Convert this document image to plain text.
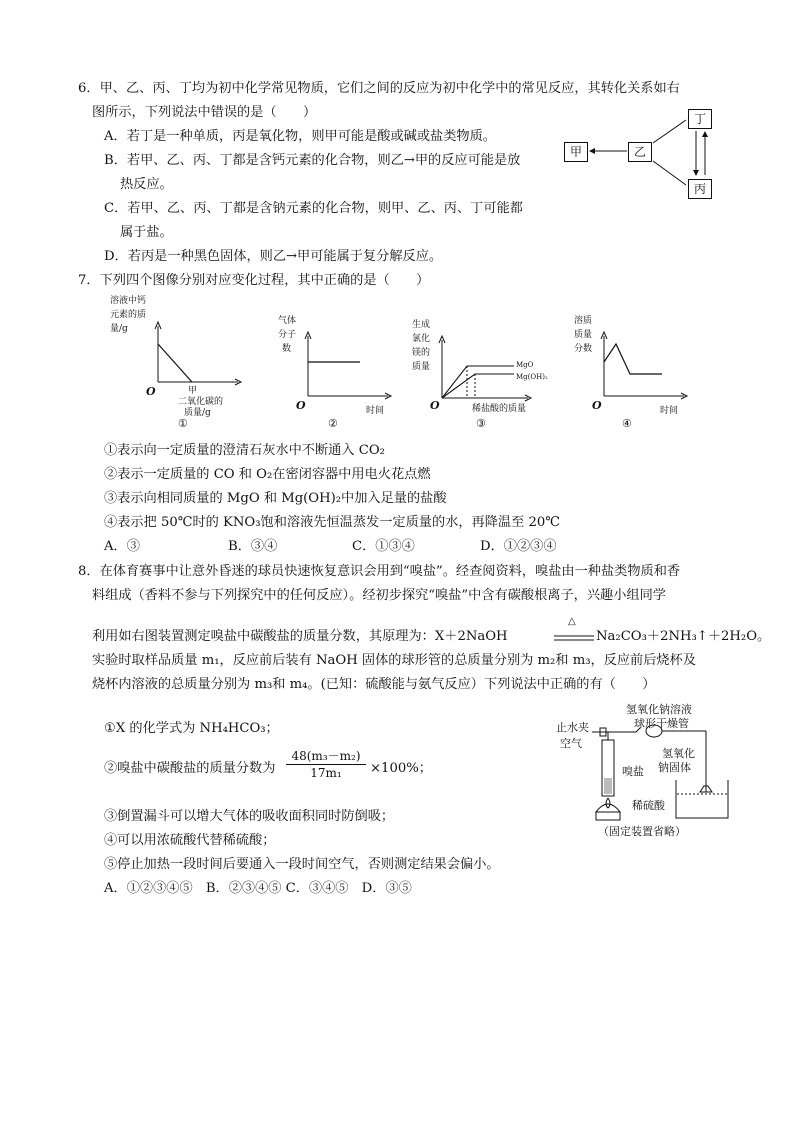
6．甲、乙、丙、丁均为初中化学常见物质，它们之间的反应为初中化学中的常见反应，其转化关系如右
图所示，下列说法中错误的是（　　）
A．若丁是一种单质，丙是氧化物，则甲可能是酸或碱或盐类物质。
B．若甲、乙、丙、丁都是含钙元素的化合物，则乙→甲的反应可能是放
热反应。
C．若甲、乙、丙、丁都是含钠元素的化合物，则甲、乙、丙、丁可能都
属于盐。
D．若丙是一种黑色固体，则乙→甲可能属于复分解反应。
甲	乙
丁
丙
7．下列四个图像分别对应变化过程，其中正确的是（　　）
溶液中钙
元素的质
量/g
O	甲
二氧化碳的
质量/g
①
气体
分子
数
O	时间
②
生成
氯化
镁的
质量	MgO
Mg(OH)₂
O	稀盐酸的质量
③
溶质
质量
分数
O	时间
④
①表示向一定质量的澄清石灰水中不断通入 CO₂
②表示一定质量的 CO 和 O₂在密闭容器中用电火花点燃
③表示向相同质量的 MgO 和 Mg(OH)₂中加入足量的盐酸
④表示把 50℃时的 KNO₃饱和溶液先恒温蒸发一定质量的水，再降温至 20℃
A．③	B．③④	C．①③④	D．①②③④
8．在体育赛事中让意外昏迷的球员快速恢复意识会用到“嗅盐”。经查阅资料，嗅盐由一种盐类物质和香
料组成（香料不参与下列探究中的任何反应）。经初步探究“嗅盐”中含有碳酸根离子，兴趣小组同学
利用如右图装置测定嗅盐中碳酸盐的质量分数，其原理为：X＋2NaOH
△
Na₂CO₃＋2NH₃↑＋2H₂O。
实验时取样品质量 m₁，反应前后装有 NaOH 固体的球形管的总质量分别为 m₂和 m₃，反应前后烧杯及
烧杯内溶液的总质量分别为 m₃和 m₄。(已知：硫酸能与氨气反应）下列说法中正确的有（　　）
①X 的化学式为 NH₄HCO₃；
②嗅盐中碳酸盐的质量分数为 $\frac{\text{48(m₃－m₂)}}{\text{17m₁}} \times 100\%$；
③倒置漏斗可以增大气体的吸收面积同时防倒吸；
④可以用浓硫酸代替稀硫酸；
⑤停止加热一段时间后要通入一段时间空气，否则测定结果会偏小。
A．①②③④⑤　B．②③④⑤ C．③④⑤　D．③⑤
止水夹
空气
氢氧化钠溶液
球形干燥管
氢氧化
钠固体
嗅盐
稀硫酸
（固定装置省略）
